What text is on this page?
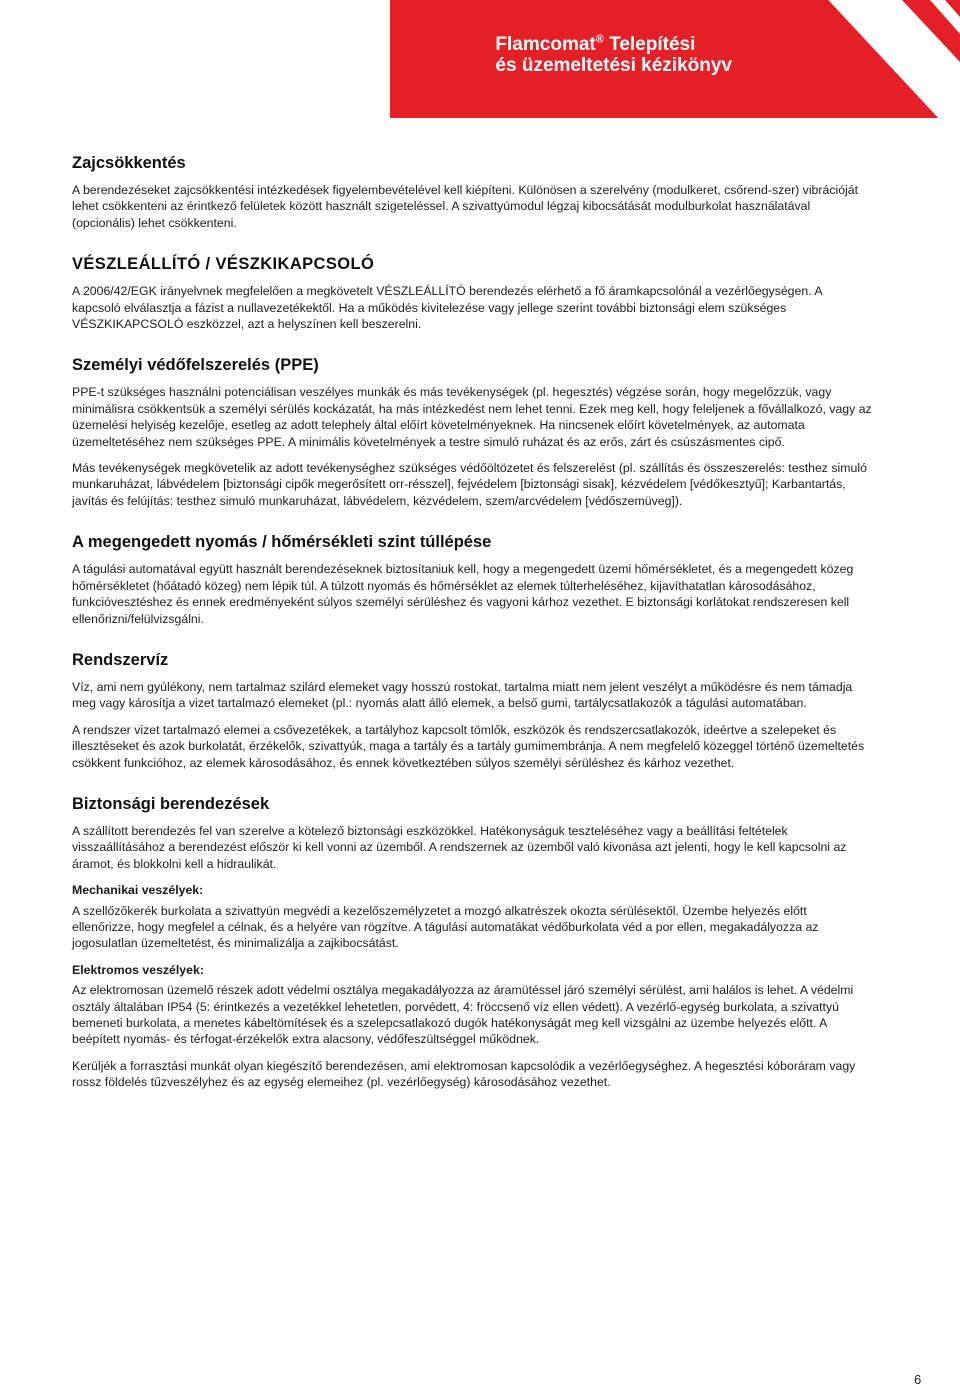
Flamcomat® Telepítési
és üzemeltetési kézikönyv
Zajcsökkentés

A berendezéseket zajcsökkentési intézkedések figyelembevételével kell kiépíteni. Különösen a szerelvény (modulkeret, csőrend-szer) vibrációját lehet csökkenteni az érintkező felületek között használt szigeteléssel. A szivattyúmodul légzaj kibocsátását modulburkolat használatával (opcionális) lehet csökkenteni.

VÉSZLEÁLLÍTÓ / VÉSZKIKAPCSOLÓ

A 2006/42/EGK irányelvnek megfelelően a megkövetelt VÉSZLEÁLLÍTÓ berendezés elérhető a fő áramkapcsolónál a vezérlőegységen. A kapcsoló elválasztja a fázist a nullavezetékektől. Ha a működés kivitelezése vagy jellege szerint további biztonsági elem szükséges VÉSZKIKAPCSOLÓ eszközzel, azt a helyszínen kell beszerelni.

Személyi védőfelszerelés (PPE)

PPE-t szükséges használni potenciálisan veszélyes munkák és más tevékenységek (pl. hegesztés) végzése során, hogy megelőzzük, vagy minimálisra csökkentsük a személyi sérülés kockázatát, ha más intézkedést nem lehet tenni. Ezek meg kell, hogy feleljenek a fővállalkozó, vagy az üzemelési helyiség kezelője, esetleg az adott telephely által előírt követelményeknek. Ha nincsenek előírt követelmények, az automata üzemeltetéséhez nem szükséges PPE. A minimális követelmények a testre simuló ruházat és az erős, zárt és csúszásmentes cipő.

Más tevékenységek megkövetelik az adott tevékenységhez szükséges védőöltözetet és felszerelést (pl. szállítás és összeszerelés: testhez simuló munkaruházat, lábvédelem [biztonsági cipők megerősített orr-résszel], fejvédelem [biztonsági sisak], kézvédelem [védőkesztyű]; Karbantartás, javítás és felújítás: testhez simuló munkaruházat, lábvédelem, kézvédelem, szem/arcvédelem [védőszemüveg]).

A megengedett nyomás / hőmérsékleti szint túllépése

A tágulási automatával együtt használt berendezéseknek biztosítaniuk kell, hogy a megengedett üzemi hőmérsékletet, és a megengedett közeg hőmérsékletet (hőátadó közeg) nem lépik túl. A túlzott nyomás és hőmérséklet az elemek túlterheléséhez, kijavíthatatlan károsodásához, funkcióvesztéshez és ennek eredményeként súlyos személyi sérüléshez és vagyoni kárhoz vezethet. E biztonsági korlátokat rendszeresen kell ellenőrizni/felülvizsgálni.

Rendszervíz

Víz, ami nem gyúlékony, nem tartalmaz szilárd elemeket vagy hosszú rostokat, tartalma miatt nem jelent veszélyt a működésre és nem támadja meg vagy károsítja a vizet tartalmazó elemeket (pl.: nyomás alatt álló elemek, a belső gumi, tartálycsatlakozók a tágulási automatában.

A rendszer vizet tartalmazó elemei a csővezetékek, a tartályhoz kapcsolt tömlők, eszközök és rendszercsatlakozók, ideértve a szelepeket és illesztéseket és azok burkolatát, érzékelők, szivattyúk, maga a tartály és a tartály gumimembránja. A nem megfelelő közeggel történő üzemeltetés csökkent funkcióhoz, az elemek károsodásához, és ennek következtében súlyos személyi sérüléshez és kárhoz vezethet.

Biztonsági berendezések

A szállított berendezés fel van szerelve a kötelező biztonsági eszközökkel. Hatékonyságuk teszteléséhez vagy a beállítási feltételek visszaállításához a berendezést először ki kell vonni az üzemből. A rendszernek az üzemből való kivonása azt jelenti, hogy le kell kapcsolni az áramot, és blokkolni kell a hidraulikát.

Mechanikai veszélyek:

A szellőzőkerék burkolata a szivattyún megvédi a kezelőszemélyzetet a mozgó alkatrészek okozta sérülésektől. Üzembe helyezés előtt ellenőrizze, hogy megfelel a célnak, és a helyére van rögzítve. A tágulási automatákat védőburkolata véd a por ellen, megakadályozza az jogosulatlan üzemeltetést, és minimalizálja a zajkibocsátást.

Elektromos veszélyek:

Az elektromosan üzemelő részek adott védelmi osztálya megakadályozza az áramütéssel járó személyi sérülést, ami halálos is lehet. A védelmi osztály általában IP54 (5: érintkezés a vezetékkel lehetetlen, porvédett, 4: fröccsenő víz ellen védett). A vezérlő-egység burkolata, a szivattyú bemeneti burkolata, a menetes kábeltömítések és a szelepcsatlakozó dugók hatékonyságát meg kell vizsgálni az üzembe helyezés előtt. A beépített nyomás- és térfogat-érzékelők extra alacsony, védőfeszültséggel működnek.

Kerüljék a forrasztási munkát olyan kiegészítő berendezésen, ami elektromosan kapcsolódik a vezérlőegységhez. A hegesztési kóboráram vagy rossz földelés tűzveszélyhez és az egység elemeihez (pl. vezérlőegység) károsodásához vezethet.

6
